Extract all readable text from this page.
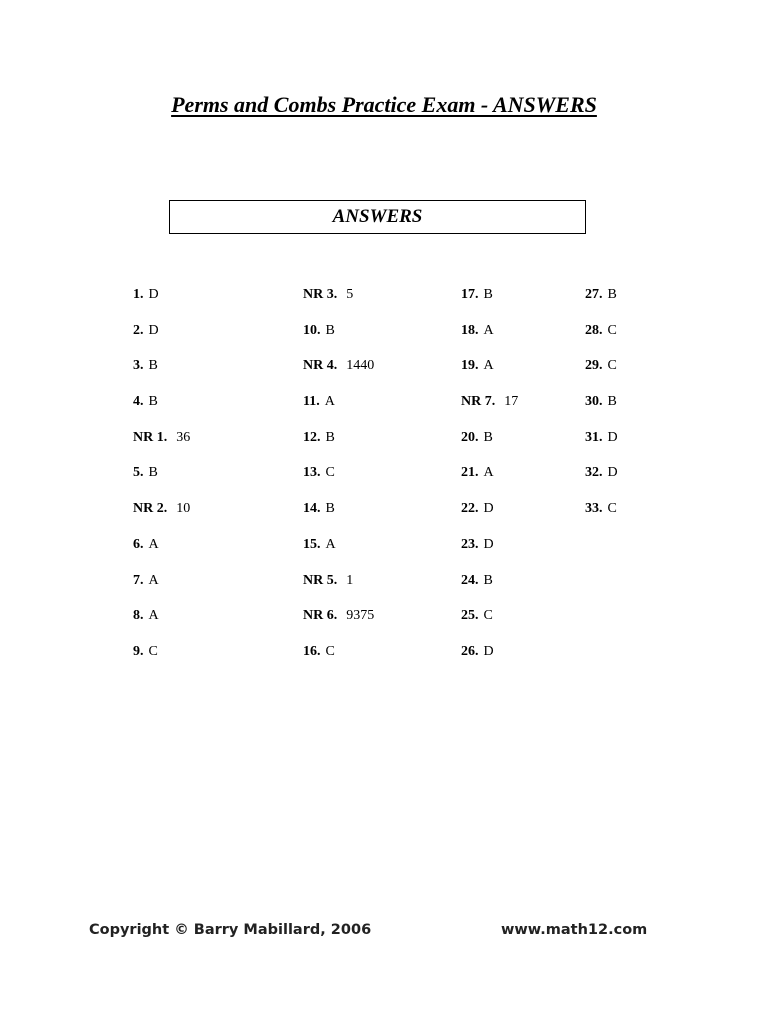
Perms and Combs Practice Exam - ANSWERS
ANSWERS
1. D
2. D
3. B
4. B
NR 1. 36
5. B
NR 2. 10
6. A
7. A
8. A
9. C
NR 3. 5
10. B
NR 4. 1440
11. A
12. B
13. C
14. B
15. A
NR 5. 1
NR 6. 9375
16. C
17. B
18. A
19. A
NR 7. 17
20. B
21. A
22. D
23. D
24. B
25. C
26. D
27. B
28. C
29. C
30. B
31. D
32. D
33. C
Copyright © Barry Mabillard, 2006	www.math12.com
